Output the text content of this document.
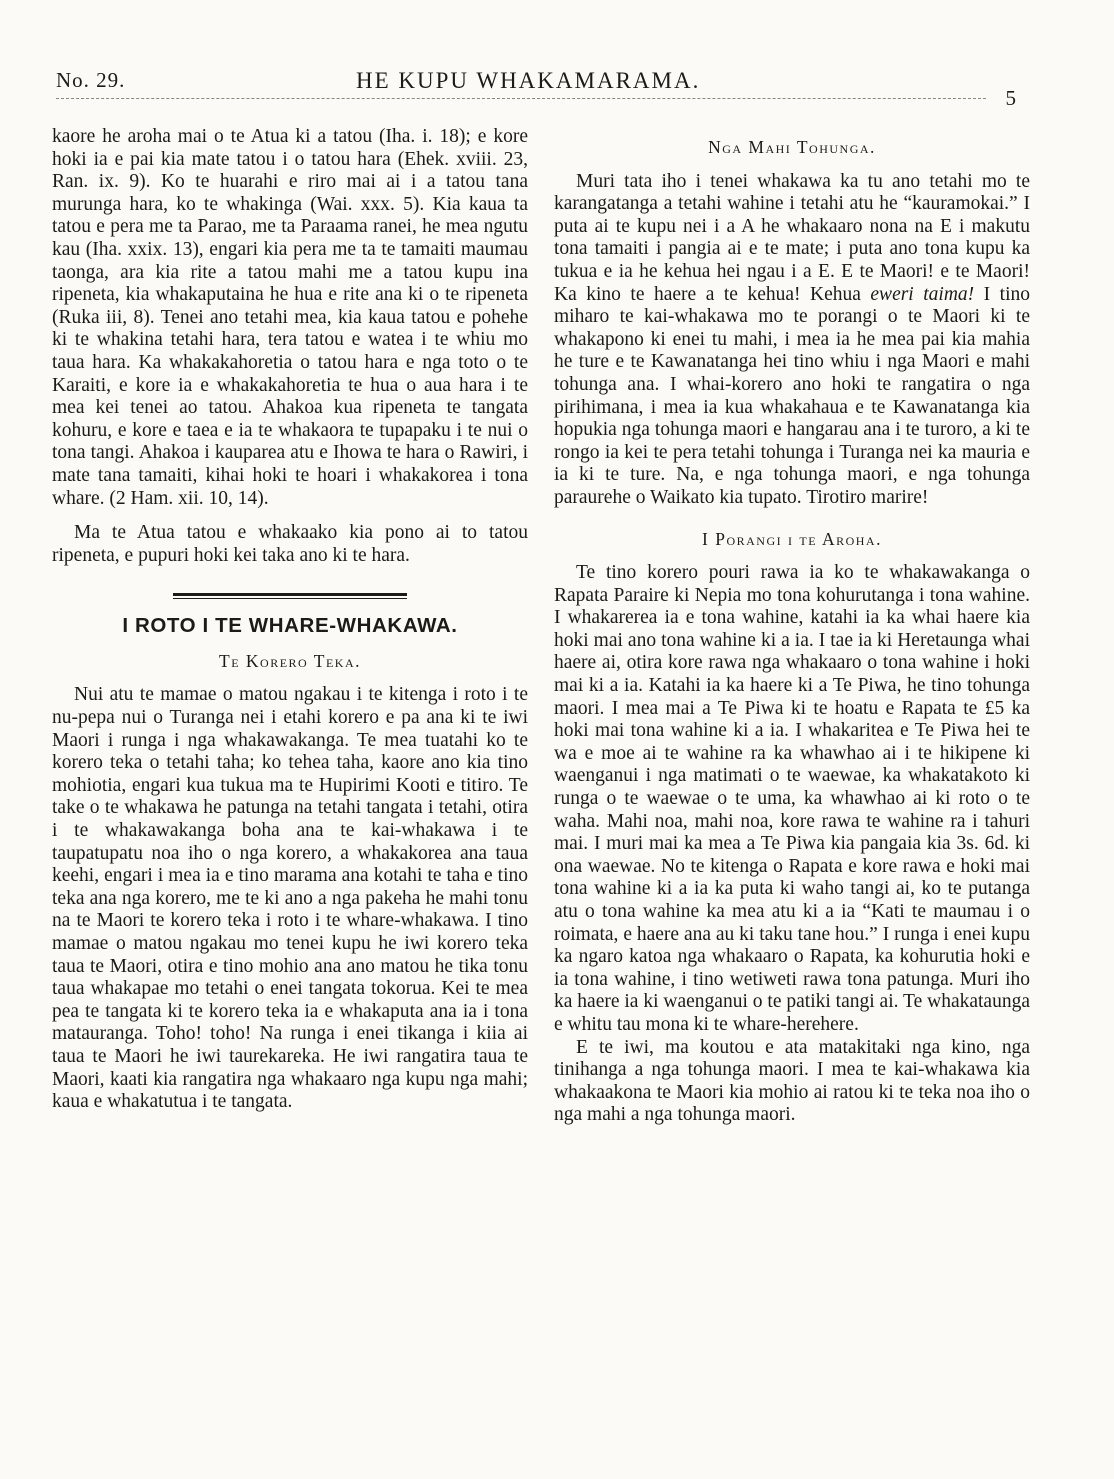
No. 29.	HE KUPU WHAKAMARAMA.
5

kaore he aroha mai o te Atua ki a tatou (Iha. i. 18); e kore hoki ia e pai kia mate tatou i o tatou hara (Ehek. xviii. 23, Ran. ix. 9). Ko te huarahi e riro mai ai i a tatou tana murunga hara, ko te whakinga (Wai. xxx. 5). Kia kaua ta tatou e pera me ta Parao, me ta Paraama ranei, he mea ngutu kau (Iha. xxix. 13), engari kia pera me ta te tamaiti maumau taonga, ara kia rite a tatou mahi me a tatou kupu ina ripeneta, kia whakaputaina he hua e rite ana ki o te ripeneta (Ruka iii, 8). Tenei ano tetahi mea, kia kaua tatou e pohehe ki te whakina tetahi hara, tera tatou e watea i te whiu mo taua hara. Ka whakakahoretia o tatou hara e nga toto o te Karaiti, e kore ia e whakakahoretia te hua o aua hara i te mea kei tenei ao tatou. Ahakoa kua ripeneta te tangata kohuru, e kore e taea e ia te whakaora te tupapaku i te nui o tona tangi. Ahakoa i kauparea atu e Ihowa te hara o Rawiri, i mate tana tamaiti, kihai hoki te hoari i whakakorea i tona whare. (2 Ham. xii. 10, 14).

Ma te Atua tatou e whakaako kia pono ai to tatou ripeneta, e pupuri hoki kei taka ano ki te hara.

I ROTO I TE WHARE-WHAKAWA.
Te Korero Teka.

Nui atu te mamae o matou ngakau i te kitenga i roto i te nu-pepa nui o Turanga nei i etahi korero e pa ana ki te iwi Maori i runga i nga whakawakanga. Te mea tuatahi ko te korero teka o tetahi taha; ko tehea taha, kaore ano kia tino mohiotia, engari kua tukua ma te Hupirimi Kooti e titiro. Te take o te whakawa he patunga na tetahi tangata i tetahi, otira i te whakawakanga boha ana te kai-whakawa i te taupatupatu noa iho o nga korero, a whakakorea ana taua keehi, engari i mea ia e tino marama ana kotahi te taha e tino teka ana nga korero, me te ki ano a nga pakeha he mahi tonu na te Maori te korero teka i roto i te whare-whakawa. I tino mamae o matou ngakau mo tenei kupu he iwi korero teka taua te Maori, otira e tino mohio ana ano matou he tika tonu taua whakapae mo tetahi o enei tangata tokorua. Kei te mea pea te tangata ki te korero teka ia e whakaputa ana ia i tona matauranga. Toho! toho! Na runga i enei tikanga i kiia ai taua te Maori he iwi taurekareka. He iwi rangatira taua te Maori, kaati kia rangatira nga whakaaro nga kupu nga mahi; kaua e whakatutua i te tangata.

Nga Mahi Tohunga.

Muri tata iho i tenei whakawa ka tu ano tetahi mo te karangatanga a tetahi wahine i tetahi atu he “kauramokai.” I puta ai te kupu nei i a A he whakaaro nona na E i makutu tona tamaiti i pangia ai e te mate; i puta ano tona kupu ka tukua e ia he kehua hei ngau i a E. E te Maori! e te Maori! Ka kino te haere a te kehua! Kehua eweri taima! I tino miharo te kai-whakawa mo te porangi o te Maori ki te whakapono ki enei tu mahi, i mea ia he mea pai kia mahia he ture e te Kawanatanga hei tino whiu i nga Maori e mahi tohunga ana. I whai-korero ano hoki te rangatira o nga pirihimana, i mea ia kua whakahaua e te Kawanatanga kia hopukia nga tohunga maori e hangarau ana i te turoro, a ki te rongo ia kei te pera tetahi tohunga i Turanga nei ka mauria e ia ki te ture. Na, e nga tohunga maori, e nga tohunga paraurehe o Waikato kia tupato. Tirotiro marire!

I Porangi i te Aroha.

Te tino korero pouri rawa ia ko te whakawakanga o Rapata Paraire ki Nepia mo tona kohurutanga i tona wahine. I whakarerea ia e tona wahine, katahi ia ka whai haere kia hoki mai ano tona wahine ki a ia. I tae ia ki Heretaunga whai haere ai, otira kore rawa nga whakaaro o tona wahine i hoki mai ki a ia. Katahi ia ka haere ki a Te Piwa, he tino tohunga maori. I mea mai a Te Piwa ki te hoatu e Rapata te £5 ka hoki mai tona wahine ki a ia. I whakaritea e Te Piwa hei te wa e moe ai te wahine ra ka whawhao ai i te hikipene ki waenganui i nga matimati o te waewae, ka whakatakoto ki runga o te waewae o te uma, ka whawhao ai ki roto o te waha. Mahi noa, mahi noa, kore rawa te wahine ra i tahuri mai. I muri mai ka mea a Te Piwa kia pangaia kia 3s. 6d. ki ona waewae. No te kitenga o Rapata e kore rawa e hoki mai tona wahine ki a ia ka puta ki waho tangi ai, ko te putanga atu o tona wahine ka mea atu ki a ia “Kati te maumau i o roimata, e haere ana au ki taku tane hou.” I runga i enei kupu ka ngaro katoa nga whakaaro o Rapata, ka kohurutia hoki e ia tona wahine, i tino wetiweti rawa tona patunga. Muri iho ka haere ia ki waenganui o te patiki tangi ai. Te whakataunga e whitu tau mona ki te whare-herehere.

E te iwi, ma koutou e ata matakitaki nga kino, nga tinihanga a nga tohunga maori. I mea te kai-whakawa kia whakaakona te Maori kia mohio ai ratou ki te teka noa iho o nga mahi a nga tohunga maori.
